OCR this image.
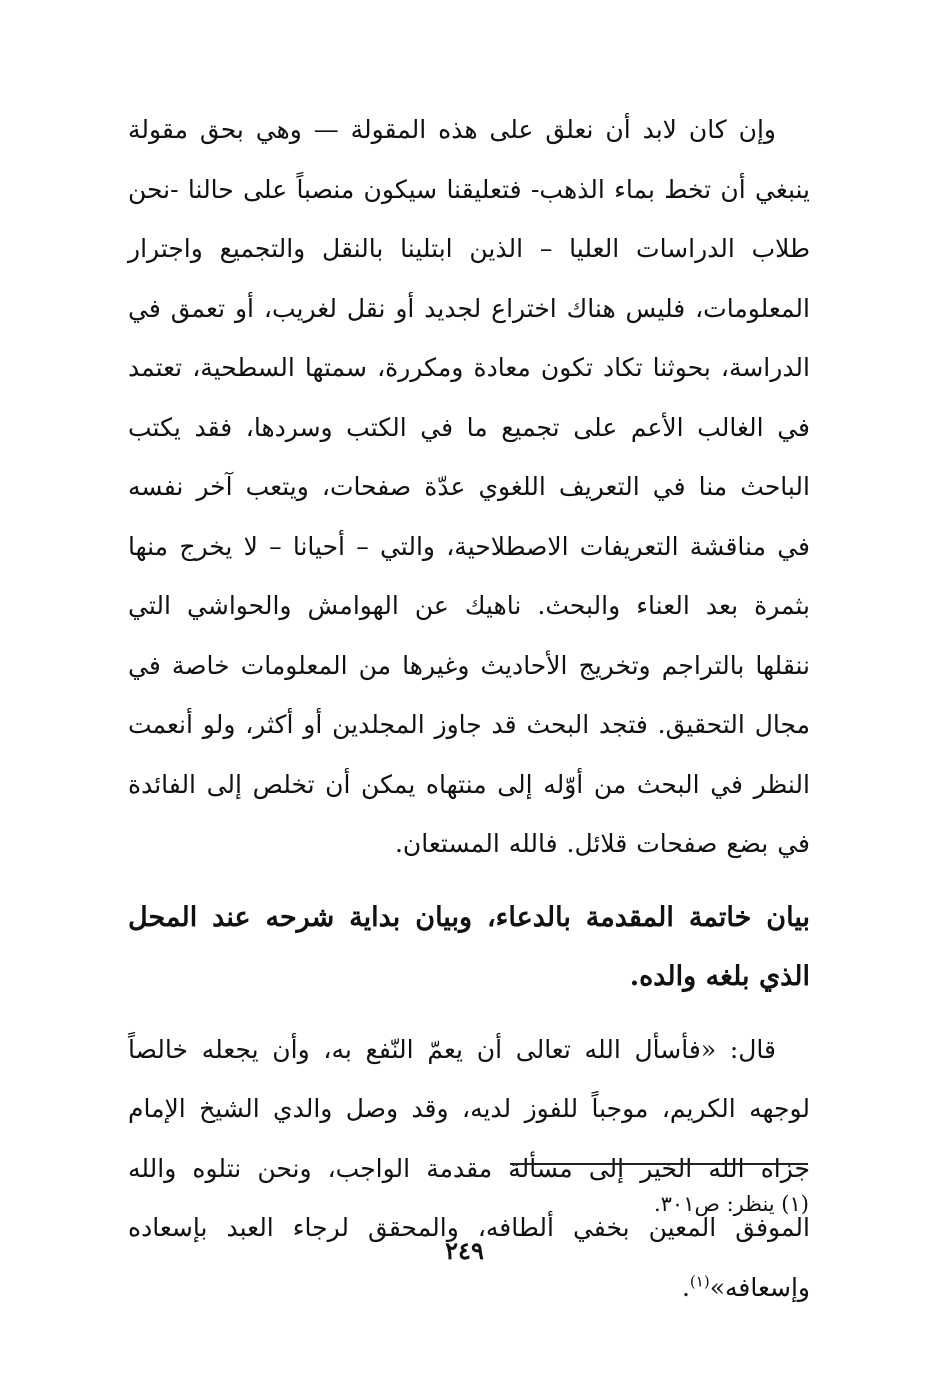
وإن كان لابد أن نعلق على هذه المقولة — وهي بحق مقولة ينبغي أن تخط بماء الذهب- فتعليقنا سيكون منصباً على حالنا -نحن طلاب الدراسات العليا – الذين ابتلينا بالنقل والتجميع واجترار المعلومات، فليس هناك اختراع لجديد أو نقل لغريب، أو تعمق في الدراسة، بحوثنا تكاد تكون معادة ومكررة، سمتها السطحية، تعتمد في الغالب الأعم على تجميع ما في الكتب وسردها، فقد يكتب الباحث منا في التعريف اللغوي عدّة صفحات، ويتعب آخر نفسه في مناقشة التعريفات الاصطلاحية، والتي – أحيانا – لا يخرج منها بثمرة بعد العناء والبحث. ناهيك عن الهوامش والحواشي التي ننقلها بالتراجم وتخريج الأحاديث وغيرها من المعلومات خاصة في مجال التحقيق. فتجد البحث قد جاوز المجلدين أو أكثر، ولو أنعمت النظر في البحث من أوّله إلى منتهاه يمكن أن تخلص إلى الفائدة في بضع صفحات قلائل. فالله المستعان.

بيان خاتمة المقدمة بالدعاء، وبيان بداية شرحه عند المحل الذي بلغه والده.

قال: «فأسأل الله تعالى أن يعمّ النّفع به، وأن يجعله خالصاً لوجهه الكريم، موجباً للفوز لديه، وقد وصل والدي الشيخ الإمام جزاه الله الخير إلى مسألة مقدمة الواجب، ونحن نتلوه والله الموفق المعين بخفي ألطافه، والمحقق لرجاء العبد بإسعاده وإسعافه»$^{(١)}$.

(١) ينظر: ص٣٠١.
٢٤٩
